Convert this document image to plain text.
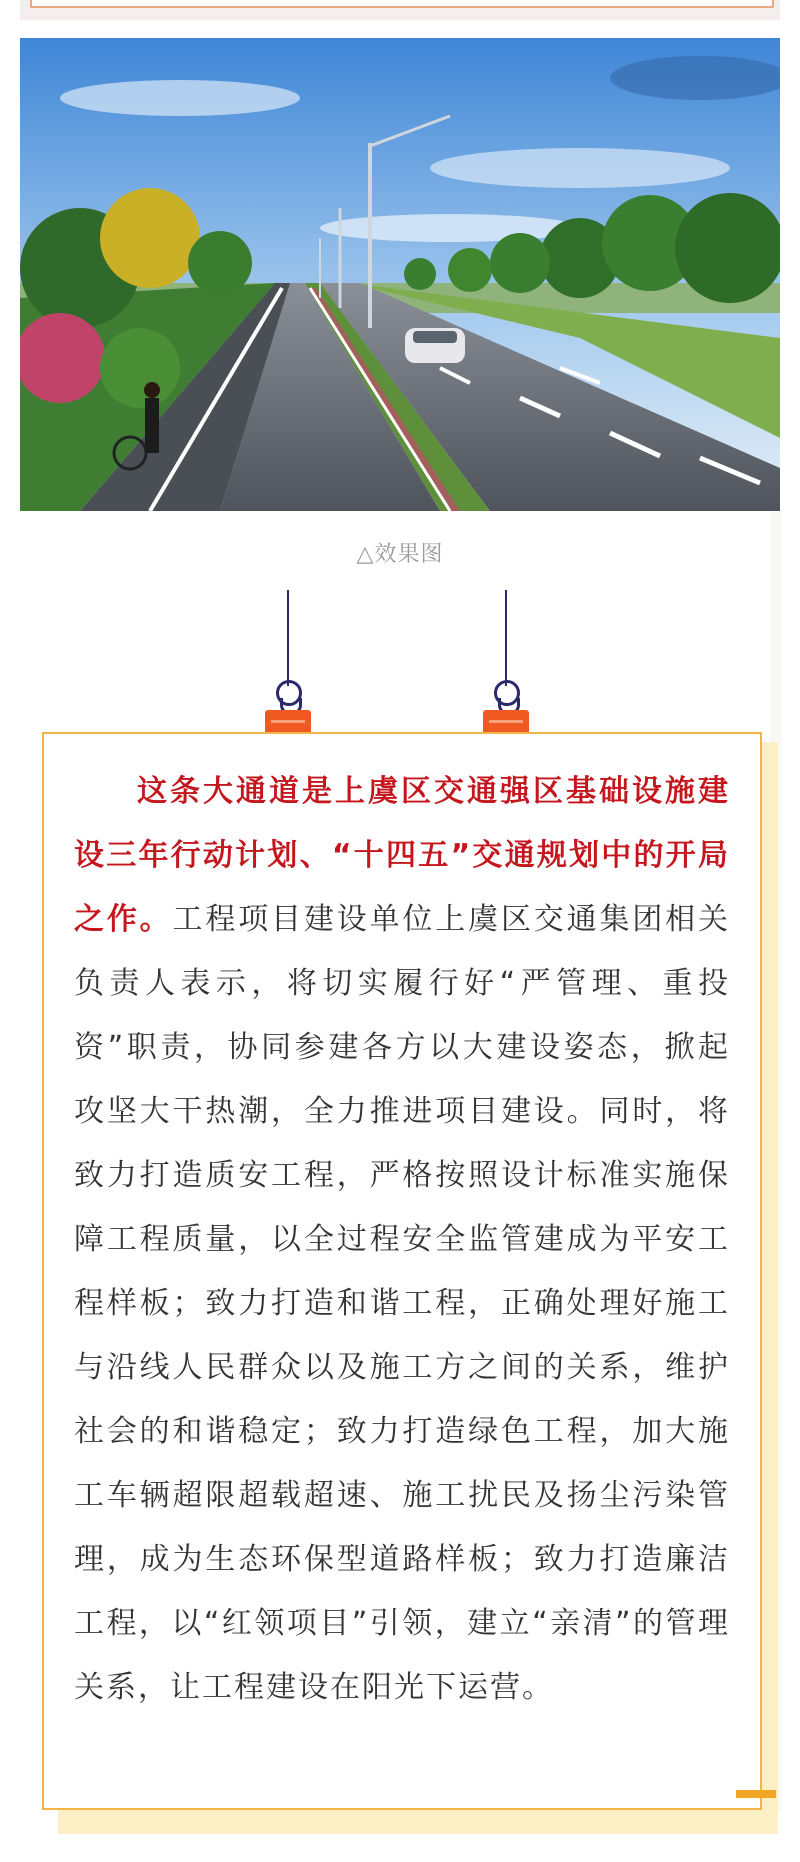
△效果图
这条大通道是上虞区交通强区基础设施建设三年行动计划、“十四五”交通规划中的开局之作。工程项目建设单位上虞区交通集团相关负责人表示，将切实履行好“严管理、重投资”职责，协同参建各方以大建设姿态，掀起攻坚大干热潮，全力推进项目建设。同时，将致力打造质安工程，严格按照设计标准实施保障工程质量，以全过程安全监管建成为平安工程样板；致力打造和谐工程，正确处理好施工与沿线人民群众以及施工方之间的关系，维护社会的和谐稳定；致力打造绿色工程，加大施工车辆超限超载超速、施工扰民及扬尘污染管理，成为生态环保型道路样板；致力打造廉洁工程，以“红领项目”引领，建立“亲清”的管理关系，让工程建设在阳光下运营。
